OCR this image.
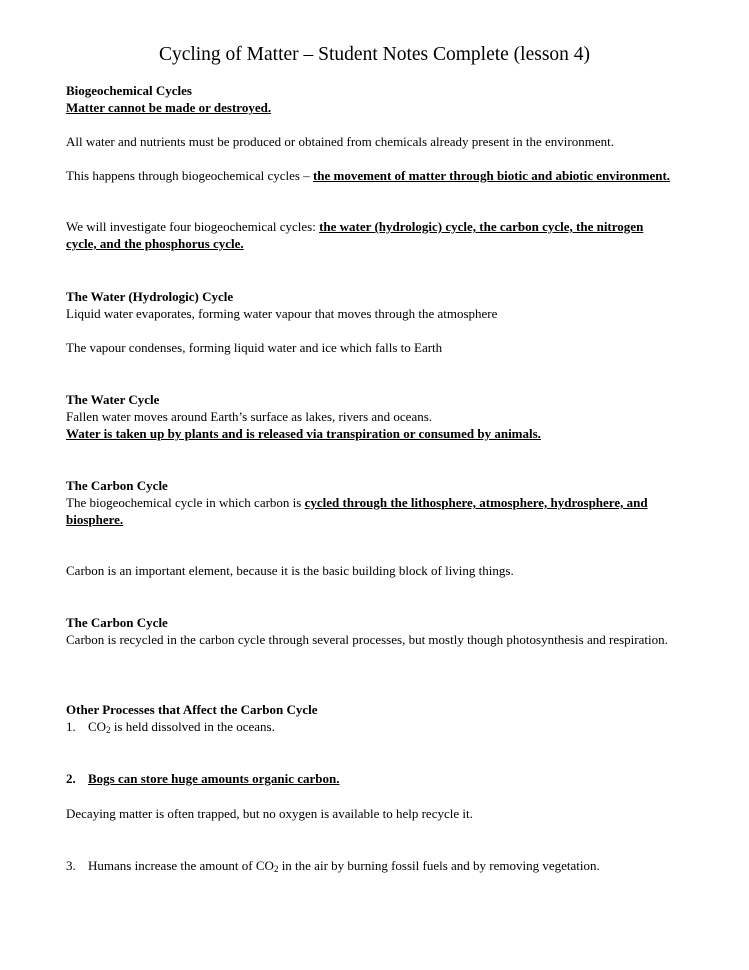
Cycling of Matter – Student Notes Complete (lesson 4)
Biogeochemical Cycles
Matter cannot be made or destroyed.
All water and nutrients must be produced or obtained from chemicals already present in the environment.
This happens through biogeochemical cycles – the movement of matter through biotic and abiotic environment.
We will investigate four biogeochemical cycles: the water (hydrologic) cycle, the carbon cycle, the nitrogen cycle, and the phosphorus cycle.
The Water (Hydrologic) Cycle
Liquid water evaporates, forming water vapour that moves through the atmosphere
The vapour condenses, forming liquid water and ice which falls to Earth
The Water Cycle
Fallen water moves around Earth’s surface as lakes, rivers and oceans.
Water is taken up by plants and is released via transpiration or consumed by animals.
The Carbon Cycle
The biogeochemical cycle in which carbon is cycled through the lithosphere, atmosphere, hydrosphere, and biosphere.
Carbon is an important element, because it is the basic building block of living things.
The Carbon Cycle
Carbon is recycled in the carbon cycle through several processes, but mostly though photosynthesis and respiration.
Other Processes that Affect the Carbon Cycle
1. $CO_2$ is held dissolved in the oceans.
2. Bogs can store huge amounts organic carbon.
Decaying matter is often trapped, but no oxygen is available to help recycle it.
3. Humans increase the amount of $CO_2$ in the air by burning fossil fuels and by removing vegetation.
